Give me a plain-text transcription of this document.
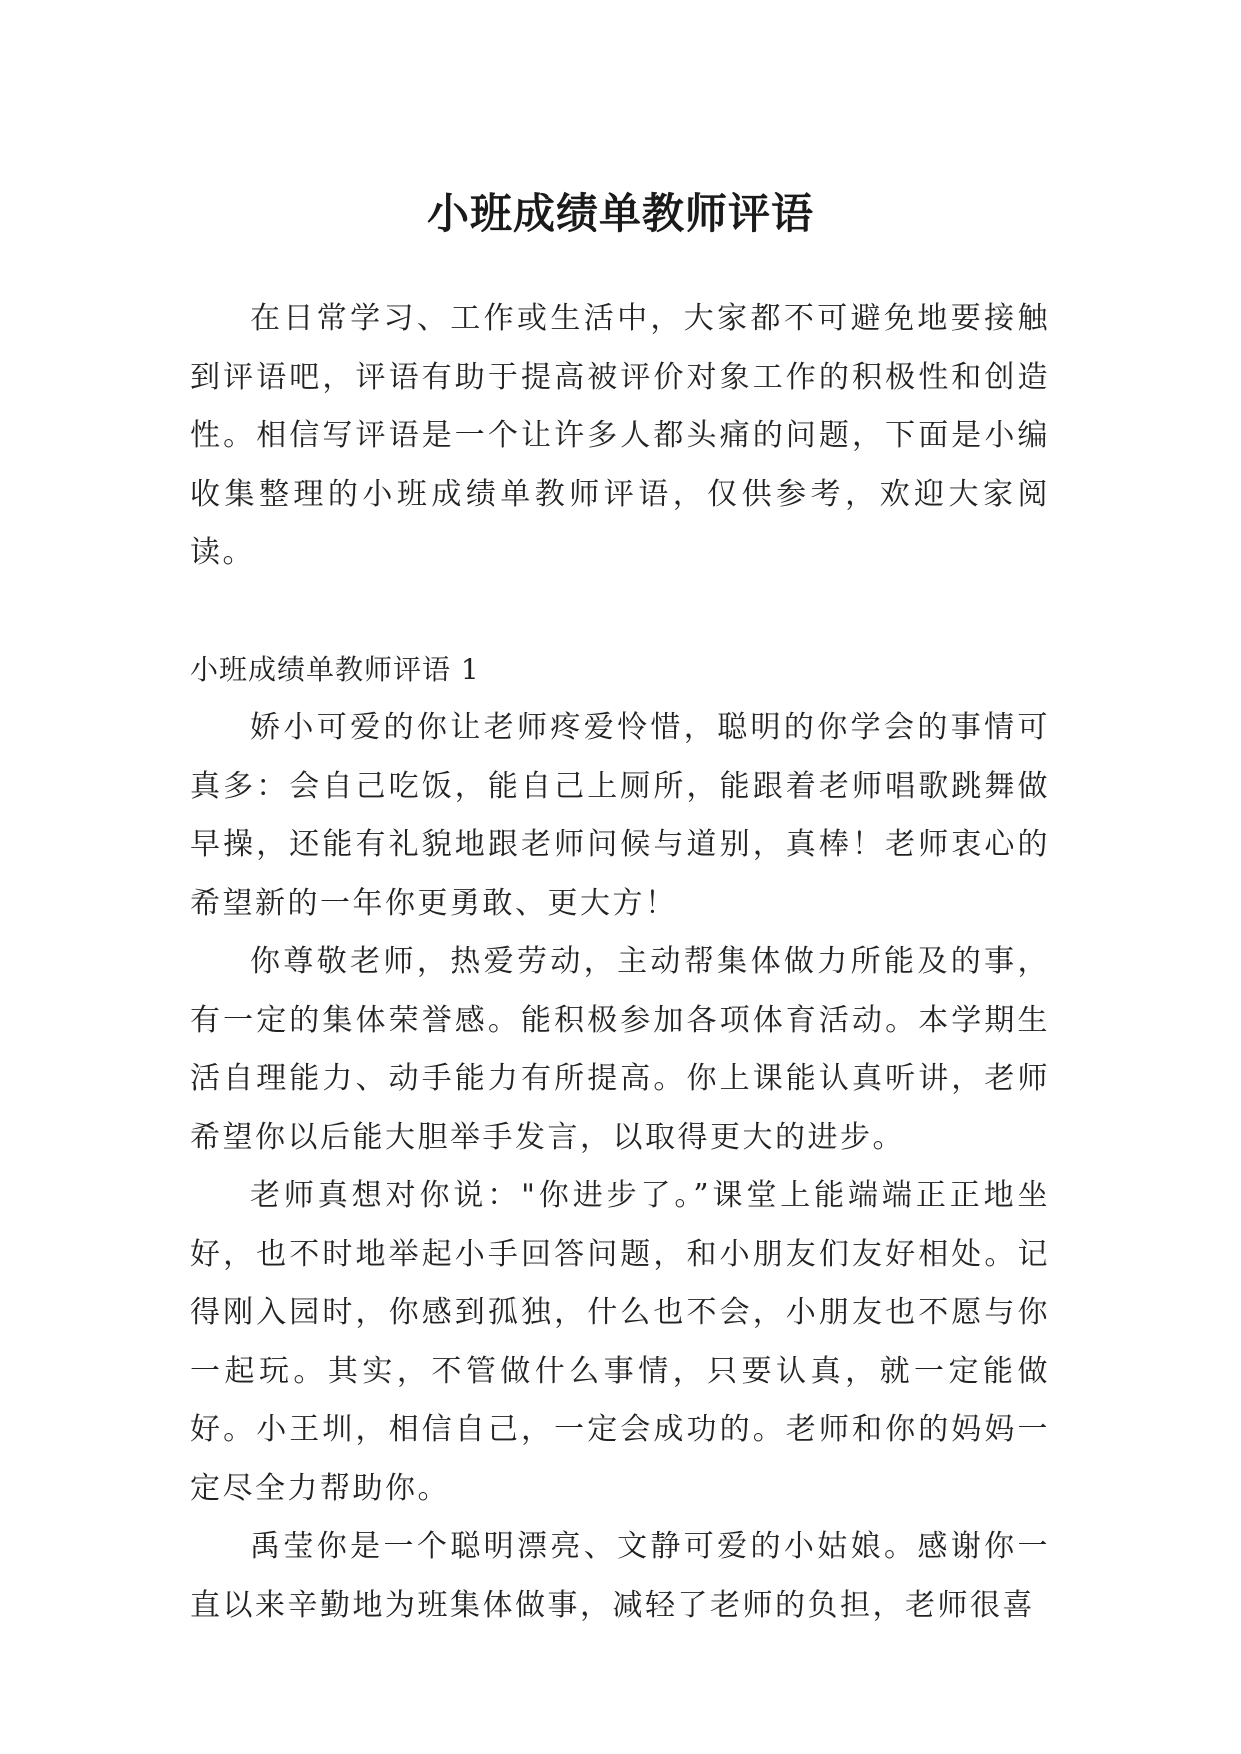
小班成绩单教师评语

在日常学习、工作或生活中，大家都不可避免地要接触到评语吧，评语有助于提高被评价对象工作的积极性和创造性。相信写评语是一个让许多人都头痛的问题，下面是小编收集整理的小班成绩单教师评语，仅供参考，欢迎大家阅读。

小班成绩单教师评语 1

娇小可爱的你让老师疼爱怜惜，聪明的你学会的事情可真多：会自己吃饭，能自己上厕所，能跟着老师唱歌跳舞做早操，还能有礼貌地跟老师问候与道别，真棒！老师衷心的希望新的一年你更勇敢、更大方！

你尊敬老师，热爱劳动，主动帮集体做力所能及的事，有一定的集体荣誉感。能积极参加各项体育活动。本学期生活自理能力、动手能力有所提高。你上课能认真听讲，老师希望你以后能大胆举手发言，以取得更大的进步。

老师真想对你说："你进步了。”课堂上能端端正正地坐好，也不时地举起小手回答问题，和小朋友们友好相处。记得刚入园时，你感到孤独，什么也不会，小朋友也不愿与你一起玩。其实，不管做什么事情，只要认真，就一定能做好。小王圳，相信自己，一定会成功的。老师和你的妈妈一定尽全力帮助你。

禹莹你是一个聪明漂亮、文静可爱的小姑娘。感谢你一直以来辛勤地为班集体做事，减轻了老师的负担，老师很喜
